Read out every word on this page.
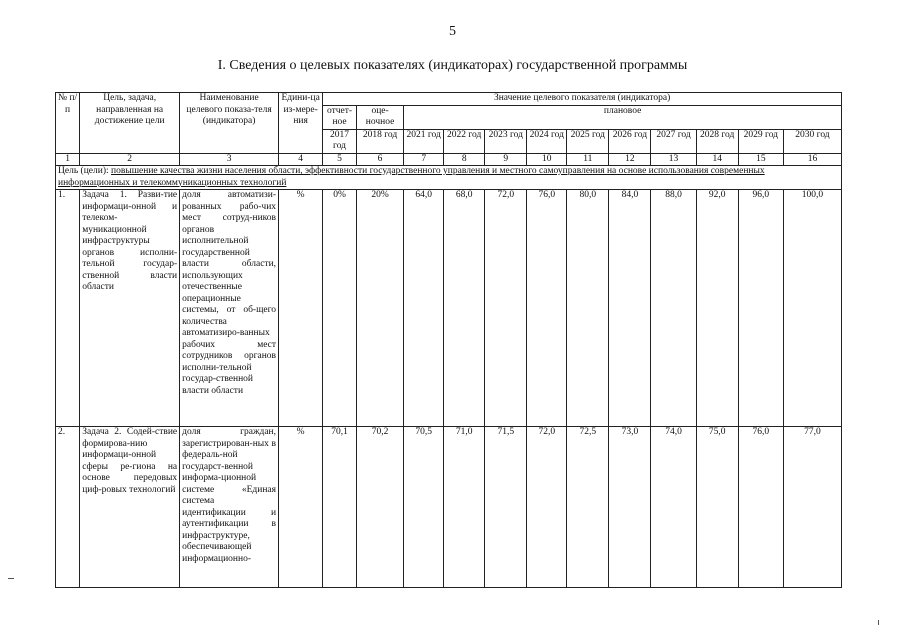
5
I. Сведения о целевых показателях (индикаторах) государственной программы
№ п/п	Цель, задача, направленная на достижение цели	Наименование целевого показа-теля (индикатора)	Едини-ца из-мере-ния	Значение целевого показателя (индикатора)											
				отчет-ное	оце-ночное	плановое									
				2017 год	2018 год	2021 год	2022 год	2023 год	2024 год	2025 год	2026 год	2027 год	2028 год	2029 год	2030 год
1	2	3	4	5	6	7	8	9	10	11	12	13	14	15	16
Цель (цели): повышение качества жизни населения области, эффективности государственного управления и местного самоуправления на основе использования современных информационных и телекоммуникационных технологий															
1.	Задача 1. Разви-тие информаци-онной и телеком-муникационной инфраструктуры органов исполни-тельной государ-ственной власти области	доля автоматизи-рованных рабо-чих мест сотруд-ников органов исполнительной государственной власти области, использующих отечественные операционные системы, от об-щего количества автоматизиро-ванных рабочих мест сотрудников органов исполни-тельной государ-ственной власти области	%	0%	20%	64,0	68,0	72,0	76,0	80,0	84,0	88,0	92,0	96,0	100,0
2.	Задача 2. Содей-ствие формирова-нию информаци-онной сферы ре-гиона на основе передовых циф-ровых технологий	доля граждан, зарегистрирован-ных в федераль-ной государст-венной информа-ционной системе «Единая система идентификации и аутентификации в инфраструктуре, обеспечивающей информационно-	%	70,1	70,2	70,5	71,0	71,5	72,0	72,5	73,0	74,0	75,0	76,0	77,0
